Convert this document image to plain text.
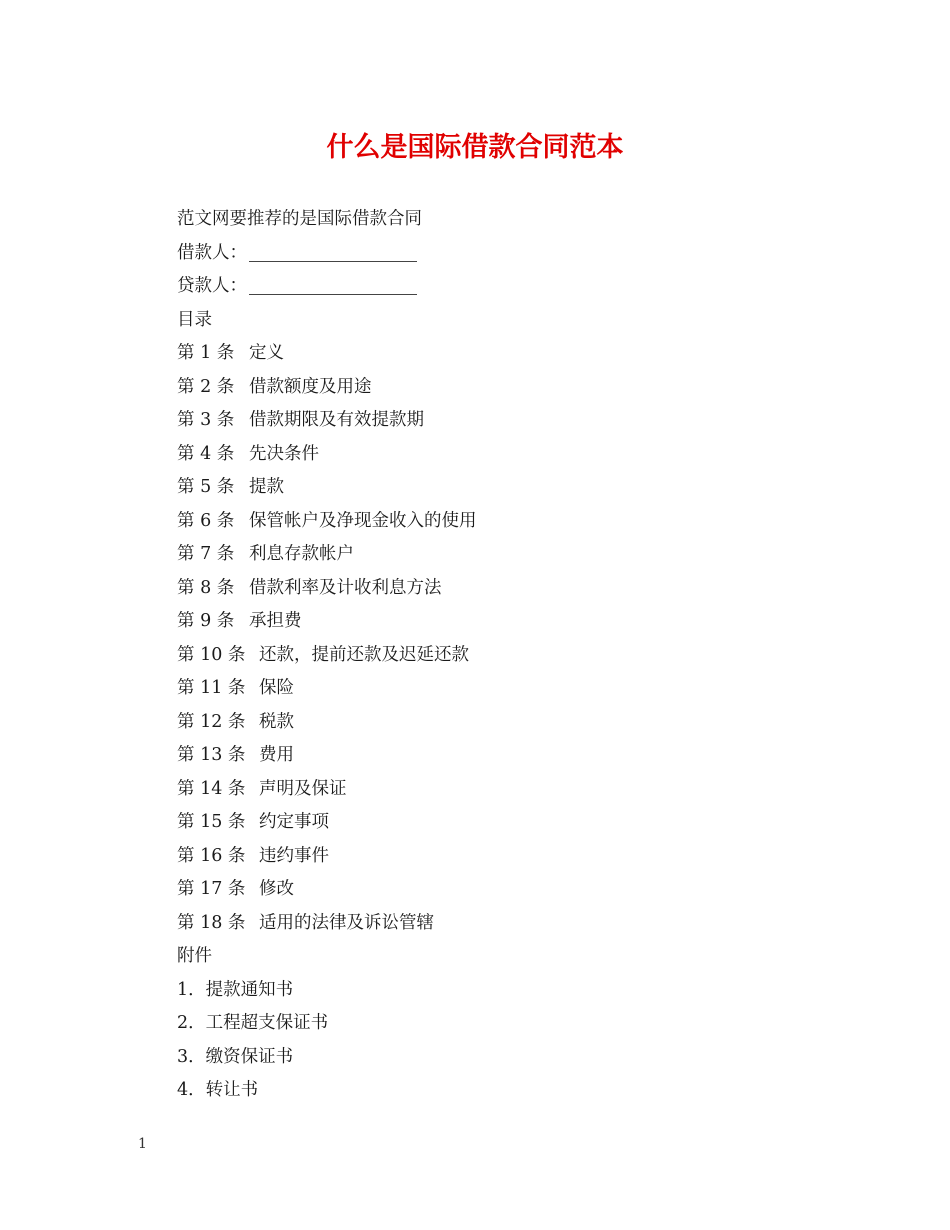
什么是国际借款合同范本
范文网要推荐的是国际借款合同
借款人：
贷款人：
目录
第 1 条 定义
第 2 条 借款额度及用途
第 3 条 借款期限及有效提款期
第 4 条 先决条件
第 5 条 提款
第 6 条 保管帐户及净现金收入的使用
第 7 条 利息存款帐户
第 8 条 借款利率及计收利息方法
第 9 条 承担费
第 10 条 还款，提前还款及迟延还款
第 11 条 保险
第 12 条 税款
第 13 条 费用
第 14 条 声明及保证
第 15 条 约定事项
第 16 条 违约事件
第 17 条 修改
第 18 条 适用的法律及诉讼管辖
附件
1．提款通知书
2．工程超支保证书
3．缴资保证书
4．转让书
1
